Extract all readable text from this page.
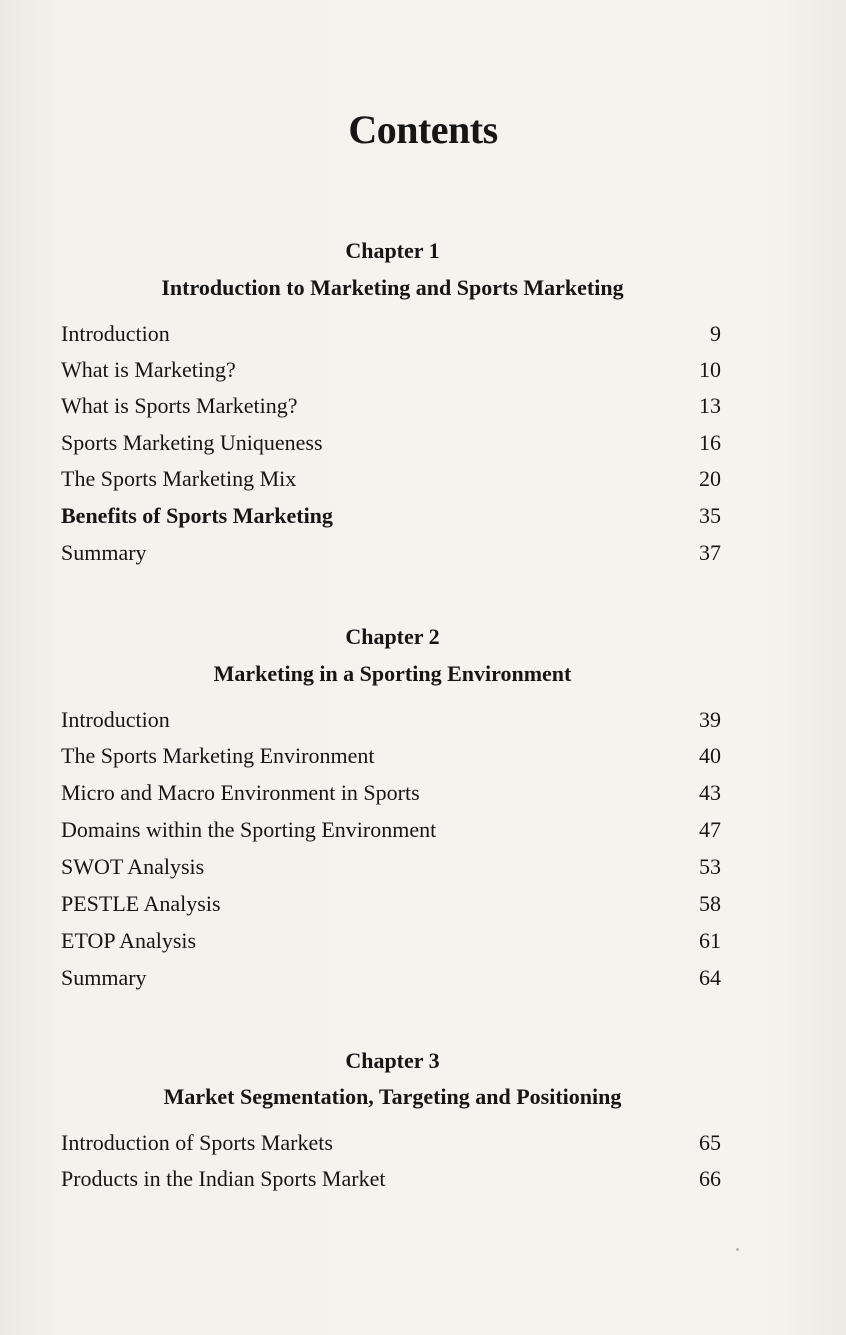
Contents
Chapter 1
Introduction to Marketing and Sports Marketing
Introduction	9
What is Marketing?	10
What is Sports Marketing?	13
Sports Marketing Uniqueness	16
The Sports Marketing Mix	20
Benefits of Sports Marketing	35
Summary	37
Chapter 2
Marketing in a Sporting Environment
Introduction	39
The Sports Marketing Environment	40
Micro and Macro Environment in Sports	43
Domains within the Sporting Environment	47
SWOT Analysis	53
PESTLE Analysis	58
ETOP Analysis	61
Summary	64
Chapter 3
Market Segmentation, Targeting and Positioning
Introduction of Sports Markets	65
Products in the Indian Sports Market	66
